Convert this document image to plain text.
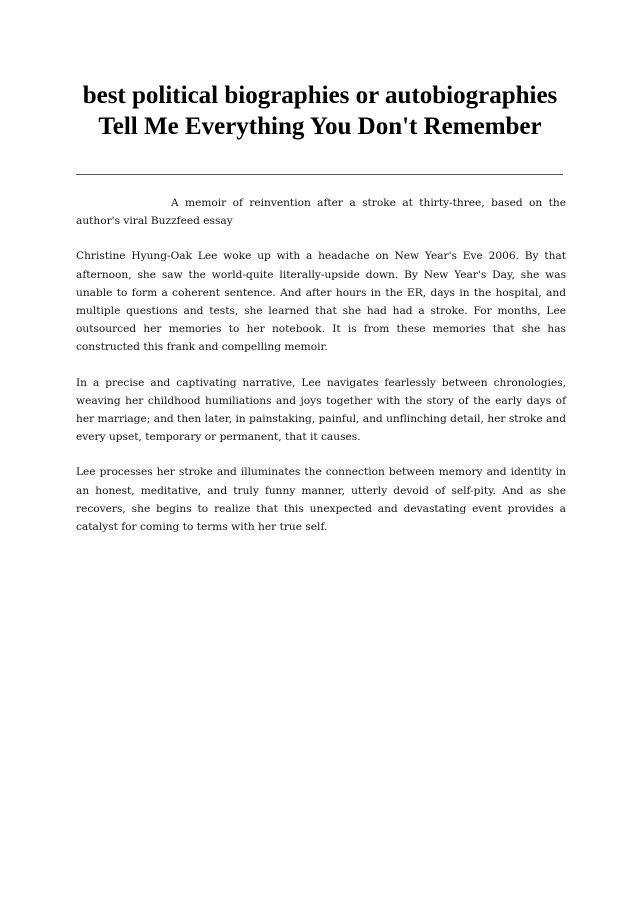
best political biographies or autobiographies Tell Me Everything You Don't Remember

A memoir of reinvention after a stroke at thirty-three, based on the author's viral Buzzfeed essay

Christine Hyung-Oak Lee woke up with a headache on New Year's Eve 2006. By that afternoon, she saw the world-quite literally-upside down. By New Year's Day, she was unable to form a coherent sentence. And after hours in the ER, days in the hospital, and multiple questions and tests, she learned that she had had a stroke. For months, Lee outsourced her memories to her notebook. It is from these memories that she has constructed this frank and compelling memoir.

In a precise and captivating narrative, Lee navigates fearlessly between chronologies, weaving her childhood humiliations and joys together with the story of the early days of her marriage; and then later, in painstaking, painful, and unflinching detail, her stroke and every upset, temporary or permanent, that it causes.

Lee processes her stroke and illuminates the connection between memory and identity in an honest, meditative, and truly funny manner, utterly devoid of self-pity. And as she recovers, she begins to realize that this unexpected and devastating event provides a catalyst for coming to terms with her true self.
